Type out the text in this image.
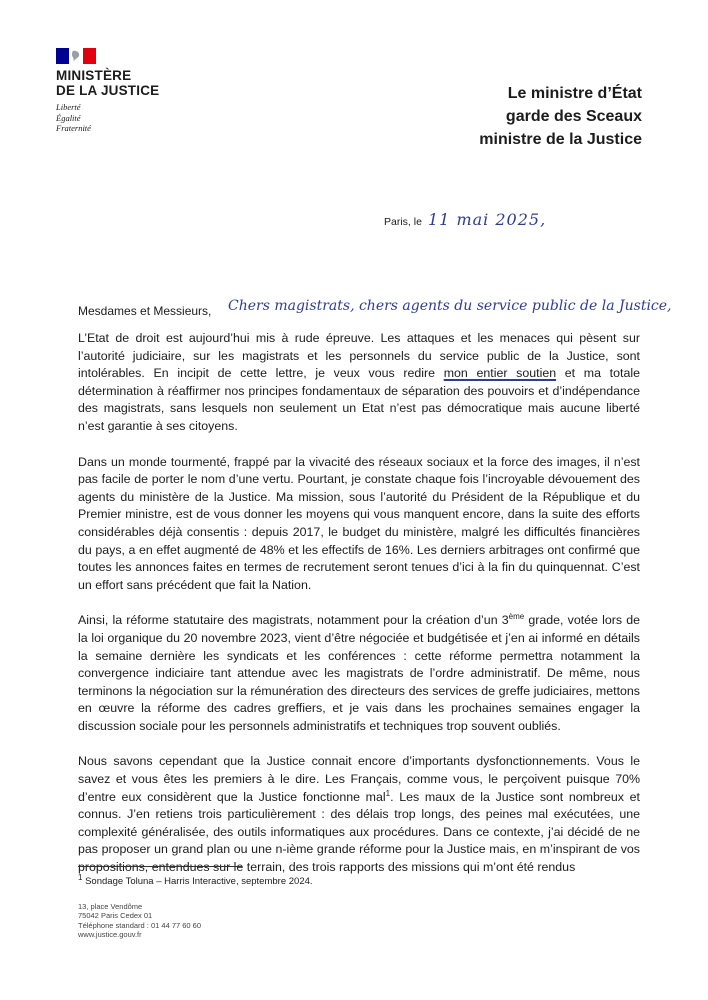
MINISTÈRE
DE LA JUSTICE
Liberté
Égalité
Fraternité
Le ministre d’État
garde des Sceaux
ministre de la Justice
Paris, le 11 mai 2025,
Mesdames et Messieurs, Chers magistrats, chers agents du service public de la Justice,

L’Etat de droit est aujourd’hui mis à rude épreuve. Les attaques et les menaces qui pèsent sur l’autorité judiciaire, sur les magistrats et les personnels du service public de la Justice, sont intolérables. En incipit de cette lettre, je veux vous redire mon entier soutien et ma totale détermination à réaffirmer nos principes fondamentaux de séparation des pouvoirs et d’indépendance des magistrats, sans lesquels non seulement un Etat n’est pas démocratique mais aucune liberté n’est garantie à ses citoyens.

Dans un monde tourmenté, frappé par la vivacité des réseaux sociaux et la force des images, il n’est pas facile de porter le nom d’une vertu. Pourtant, je constate chaque fois l’incroyable dévouement des agents du ministère de la Justice. Ma mission, sous l’autorité du Président de la République et du Premier ministre, est de vous donner les moyens qui vous manquent encore, dans la suite des efforts considérables déjà consentis : depuis 2017, le budget du ministère, malgré les difficultés financières du pays, a en effet augmenté de 48% et les effectifs de 16%. Les derniers arbitrages ont confirmé que toutes les annonces faites en termes de recrutement seront tenues d’ici à la fin du quinquennat. C’est un effort sans précédent que fait la Nation.

Ainsi, la réforme statutaire des magistrats, notamment pour la création d’un 3ème grade, votée lors de la loi organique du 20 novembre 2023, vient d’être négociée et budgétisée et j’en ai informé en détails la semaine dernière les syndicats et les conférences : cette réforme permettra notamment la convergence indiciaire tant attendue avec les magistrats de l’ordre administratif. De même, nous terminons la négociation sur la rémunération des directeurs des services de greffe judiciaires, mettons en œuvre la réforme des cadres greffiers, et je vais dans les prochaines semaines engager la discussion sociale pour les personnels administratifs et techniques trop souvent oubliés.

Nous savons cependant que la Justice connait encore d’importants dysfonctionnements. Vous le savez et vous êtes les premiers à le dire. Les Français, comme vous, le perçoivent puisque 70% d’entre eux considèrent que la Justice fonctionne mal$^1$. Les maux de la Justice sont nombreux et connus. J’en retiens trois particulièrement : des délais trop longs, des peines mal exécutées, une complexité généralisée, des outils informatiques aux procédures. Dans ce contexte, j’ai décidé de ne pas proposer un grand plan ou une n-ième grande réforme pour la Justice mais, en m’inspirant de vos propositions, entendues sur le terrain, des trois rapports des missions qui m’ont été rendus

$^1$ Sondage Toluna – Harris Interactive, septembre 2024.
13, place Vendôme
75042 Paris Cedex 01
Téléphone standard : 01 44 77 60 60
www.justice.gouv.fr
